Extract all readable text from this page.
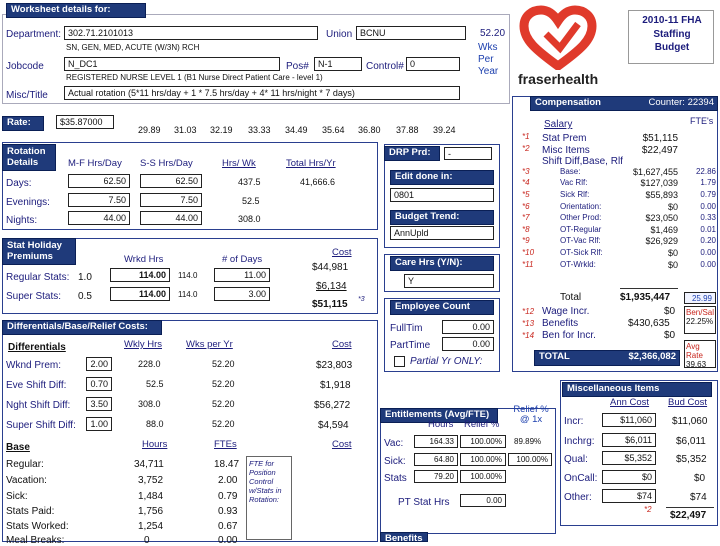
Worksheet details for:
Department: 302.71.2101013	Union BCNU
SN, GEN, MED, ACUTE (W/3N) RCH
Jobcode	N_DC1	Pos#	N-1	Control# 0
REGISTERED NURSE LEVEL 1 (B1 Nurse Direct Patient Care - level 1)
Misc/Title	Actual rotation (5*11 hrs/day + 1 * 7.5 hrs/day + 4* 11 hrs/night * 7 days)
52.20
Wks Per Year	fraserhealth
2010-11 FHA Staffing Budget
Rate:	$35.87000
29.89 31.03 32.19 33.33 34.49 35.64 36.80 37.88 39.24
Rotation Details	M-F Hrs/Day S-S Hrs/Day	Hrs/ Wk	Total Hrs/Yr
Days:	62.50	62.50	437.5	41,666.6
Evenings:	7.50	7.50	52.5
Nights:	44.00	44.00	308.0
Stat Holiday Premiums	Wrkd Hrs	# of Days
Cost
Regular Stats: 1.0	114.00	114.0	11.00
$44,981
Super Stats: 0.5	114.00	114.0	3.00
$6,134
$51,115 *3
Differentials/Base/Relief Costs:
Differentials	Wkly Hrs	Wks per Yr	Cost
Wknd Prem:	2.00	228.0	52.20	$23,803
Eve Shift Diff:	0.70	52.5	52.20	$1,918
Nght Shift Diff:	3.50	308.0	52.20	$56,272
Super Shift Diff:	1.00	88.0	52.20	$4,594
Base	Hours	FTEs	Cost
Regular:	34,711	18.47
Vacation:	3,752	2.00
Sick:	1,484	0.79
Stats Paid:	1,756	0.93
Stats Worked:	1,254	0.67
Meal Breaks:	0	0.00
FTE for Position Control w/Stats in Rotation:
DRP Prd:	-
Edit done in:
0801
Budget Trend:
AnnUpld
Care Hrs (Y/N):
Y
Employee Count
FullTim	0.00
PartTime	0.00
Partial Yr ONLY:
Compensation	Counter: 22394
Salary	FTE's
*1 Stat Prem	$51,115
*2 Misc Items	$22,497
Shift Diff,Base, Rlf
*3	Base:	$1,627,455	22.86
*4	Vac Rlf:	$127,039	1.79
*5	Sick Rlf:	$55,893	0.79
*6	Orientation:	$0	0.00
*7	Other Prod:	$23,050	0.33
*8	OT-Regular	$1,469	0.01
*9	OT-Vac Rlf:	$26,929	0.20
*10	OT-Sick Rlf:	$0	0.00
*11	OT-Wrkld:	$0	0.00
Total	$1,935,447	25.99
*12 Wage Incr.	$0
*13 Benefits	$430,635
*14 Ben for Incr.	$0
TOTAL	$2,366,082
Ben/Sal
22.25%
Avg Rate
39.63
Entitlements (Avg/FTE)
Hours Relief %
Relief % @ 1x
Vac:	164.33	100.00%	89.89%
Sick:	64.80	100.00%	100.00%
Stats	79.20	100.00%
PT Stat Hrs	0.00
Miscellaneous Items
Ann Cost Bud Cost
Incr:	$11,060	$11,060
Inchrg:	$6,011	$6,011
Qual:	$5,352	$5,352
OnCall:	$0	$0
Other:	$74	$74
*2
$22,497
Benefits
